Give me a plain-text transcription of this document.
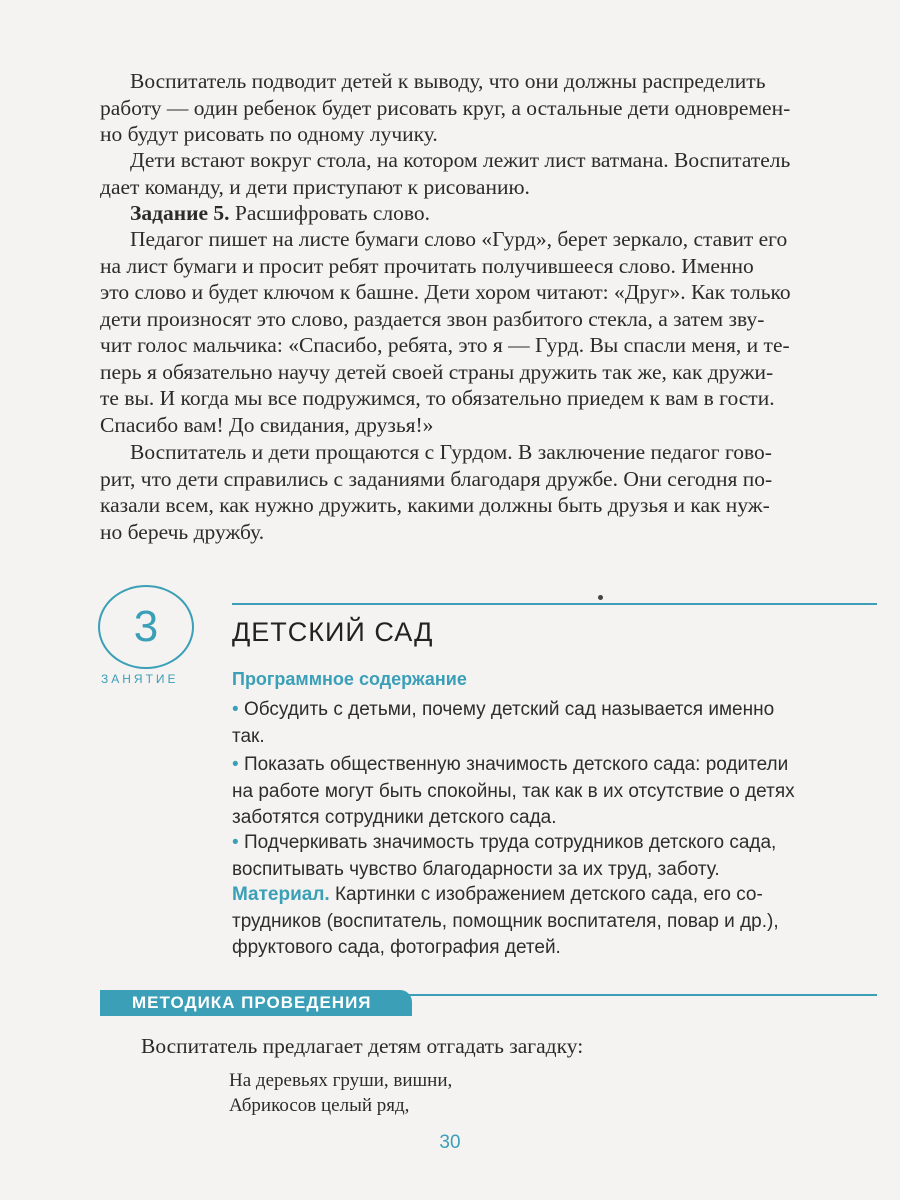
Воспитатель подводит детей к выводу, что они должны распределить
работу — один ребенок будет рисовать круг, а остальные дети одновремен-
но будут рисовать по одному лучику.

Дети встают вокруг стола, на котором лежит лист ватмана. Воспитатель
дает команду, и дети приступают к рисованию.

Задание 5. Расшифровать слово.

Педагог пишет на листе бумаги слово «Гурд», берет зеркало, ставит его
на лист бумаги и просит ребят прочитать получившееся слово. Именно
это слово и будет ключом к башне. Дети хором читают: «Друг». Как только
дети произносят это слово, раздается звон разбитого стекла, а затем зву-
чит голос мальчика: «Спасибо, ребята, это я — Гурд. Вы спасли меня, и те-
перь я обязательно научу детей своей страны дружить так же, как дружи-
те вы. И когда мы все подружимся, то обязательно приедем к вам в гости.
Спасибо вам! До свидания, друзья!»

Воспитатель и дети прощаются с Гурдом. В заключение педагог гово-
рит, что дети справились с заданиями благодаря дружбе. Они сегодня по-
казали всем, как нужно дружить, какими должны быть друзья и как нуж-
но беречь дружбу.

3
ЗАНЯТИЕ
ДЕТСКИЙ САД
Программное содержание
• Обсудить с детьми, почему детский сад называется именно
так.
• Показать общественную значимость детского сада: родители
на работе могут быть спокойны, так как в их отсутствие о детях
заботятся сотрудники детского сада.
• Подчеркивать значимость труда сотрудников детского сада,
воспитывать чувство благодарности за их труд, заботу.
Материал. Картинки с изображением детского сада, его со-
трудников (воспитатель, помощник воспитателя, повар и др.),
фруктового сада, фотография детей.
МЕТОДИКА ПРОВЕДЕНИЯ
Воспитатель предлагает детям отгадать загадку:
На деревьях груши, вишни,
Абрикосов целый ряд,
30
